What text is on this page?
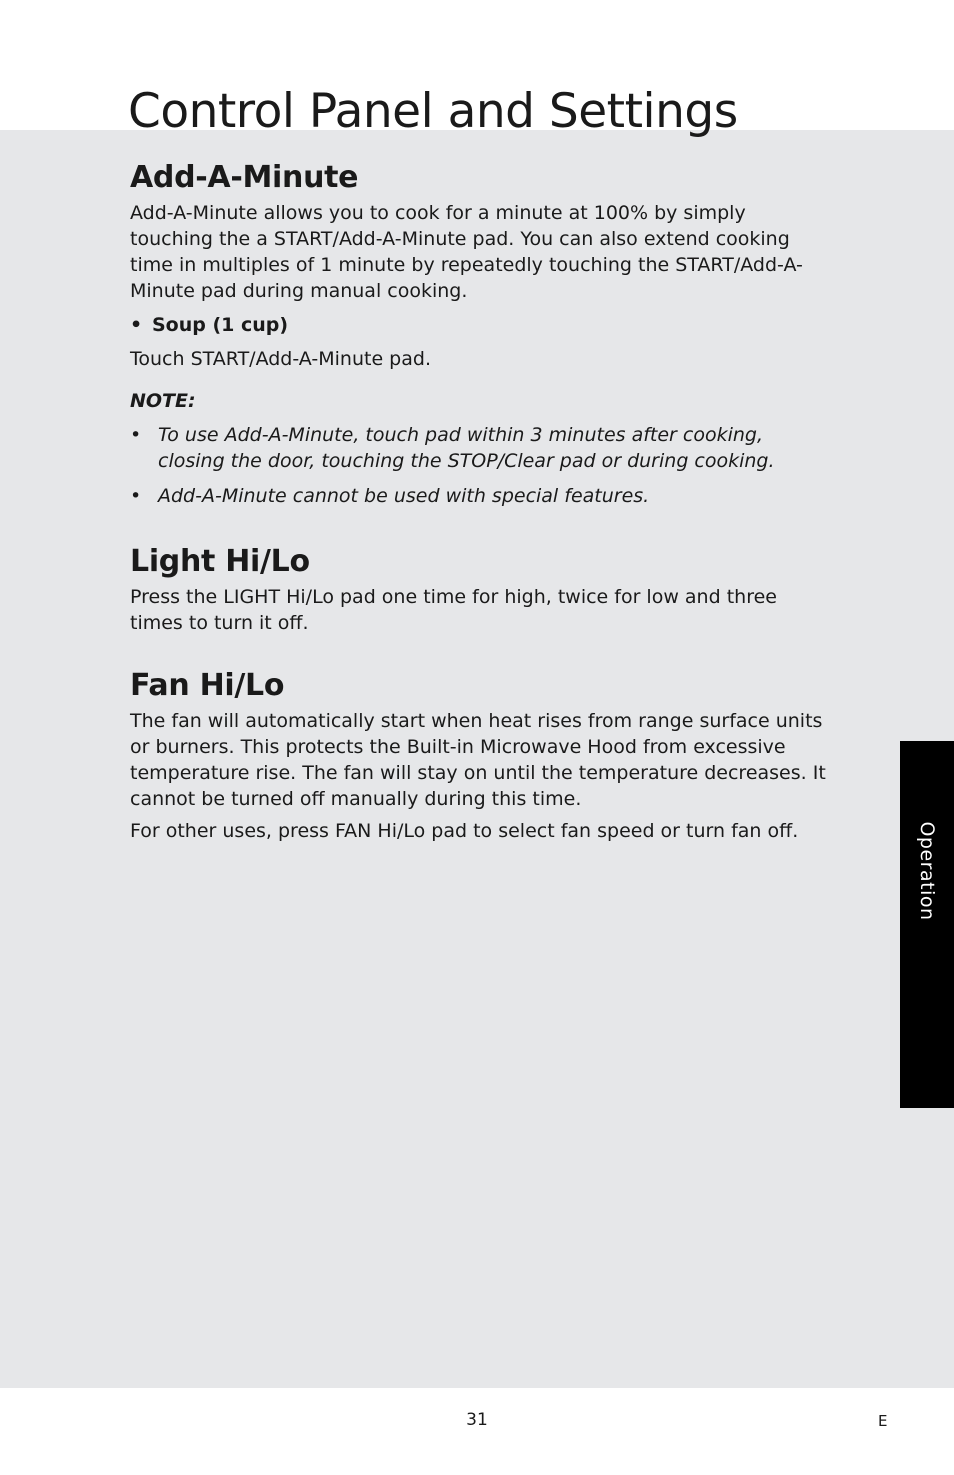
Control Panel and Settings
Add-A-Minute

Add-A-Minute allows you to cook for a minute at 100% by simply touching the a START/Add-A-Minute pad. You can also extend cooking time in multiples of 1 minute by repeatedly touching the START/Add-A-Minute pad during manual cooking.

• Soup (1 cup)

Touch START/Add-A-Minute pad.

NOTE:
• To use Add-A-Minute, touch pad within 3 minutes after cooking, closing the door, touching the STOP/Clear pad or during cooking.
• Add-A-Minute cannot be used with special features.
Light Hi/Lo

Press the LIGHT Hi/Lo pad one time for high, twice for low and three times to turn it off.

Fan Hi/Lo

The fan will automatically start when heat rises from range surface units or burners. This protects the Built-in Microwave Hood from excessive temperature rise. The fan will stay on until the temperature decreases. It cannot be turned off manually during this time.

For other uses, press FAN Hi/Lo pad to select fan speed or turn fan off.	Operation
31	E
